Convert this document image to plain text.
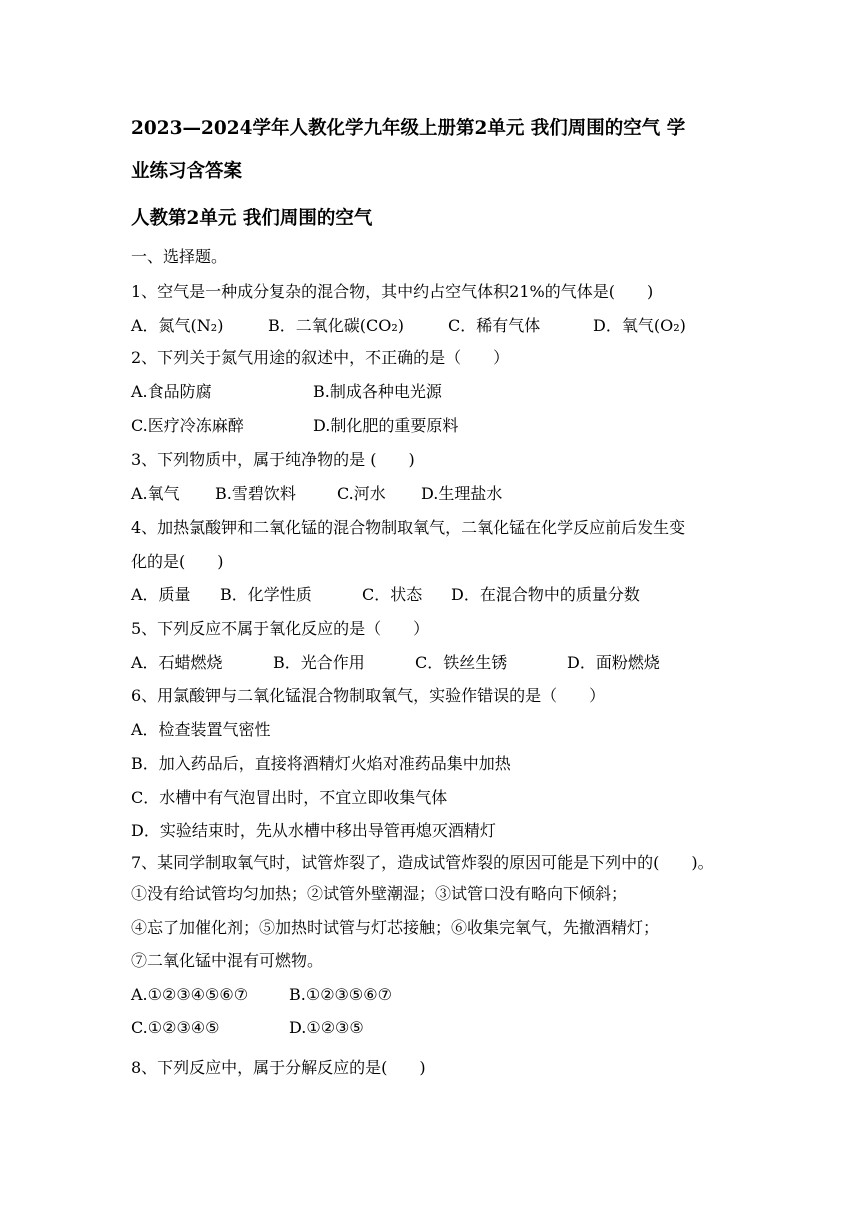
2023—2024学年人教化学九年级上册第2单元 我们周围的空气 学
业练习含答案
人教第2单元 我们周围的空气
一、选择题。
1、空气是一种成分复杂的混合物，其中约占空气体积21%的气体是(　　)
A．氮气(N₂)	B．二氧化碳(CO₂)	C．稀有气体	D．氧气(O₂)
2、下列关于氮气用途的叙述中，不正确的是（　　）
A.食品防腐	B.制成各种电光源
C.医疗冷冻麻醉	D.制化肥的重要原料
3、下列物质中，属于纯净物的是 (　　)
A.氧气 B.雪碧饮料	C.河水 D.生理盐水
4、加热氯酸钾和二氧化锰的混合物制取氧气，二氧化锰在化学反应前后发生变
化的是(　　)
A．质量 B．化学性质	C．状态 D．在混合物中的质量分数
5、下列反应不属于氧化反应的是（　　）
A．石蜡燃烧	B．光合作用	C．铁丝生锈	D．面粉燃烧
6、用氯酸钾与二氧化锰混合物制取氧气，实验作错误的是（　　）
A．检查装置气密性
B．加入药品后，直接将酒精灯火焰对准药品集中加热
C．水槽中有气泡冒出时，不宜立即收集气体
D．实验结束时，先从水槽中移出导管再熄灭酒精灯
7、某同学制取氧气时，试管炸裂了，造成试管炸裂的原因可能是下列中的(　　)。
①没有给试管均匀加热；②试管外壁潮湿；③试管口没有略向下倾斜；
④忘了加催化剂；⑤加热时试管与灯芯接触；⑥收集完氧气，先撤酒精灯；
⑦二氧化锰中混有可燃物。
A.①②③④⑤⑥⑦	B.①②③⑤⑥⑦
C.①②③④⑤	D.①②③⑤
8、下列反应中，属于分解反应的是(　　)
